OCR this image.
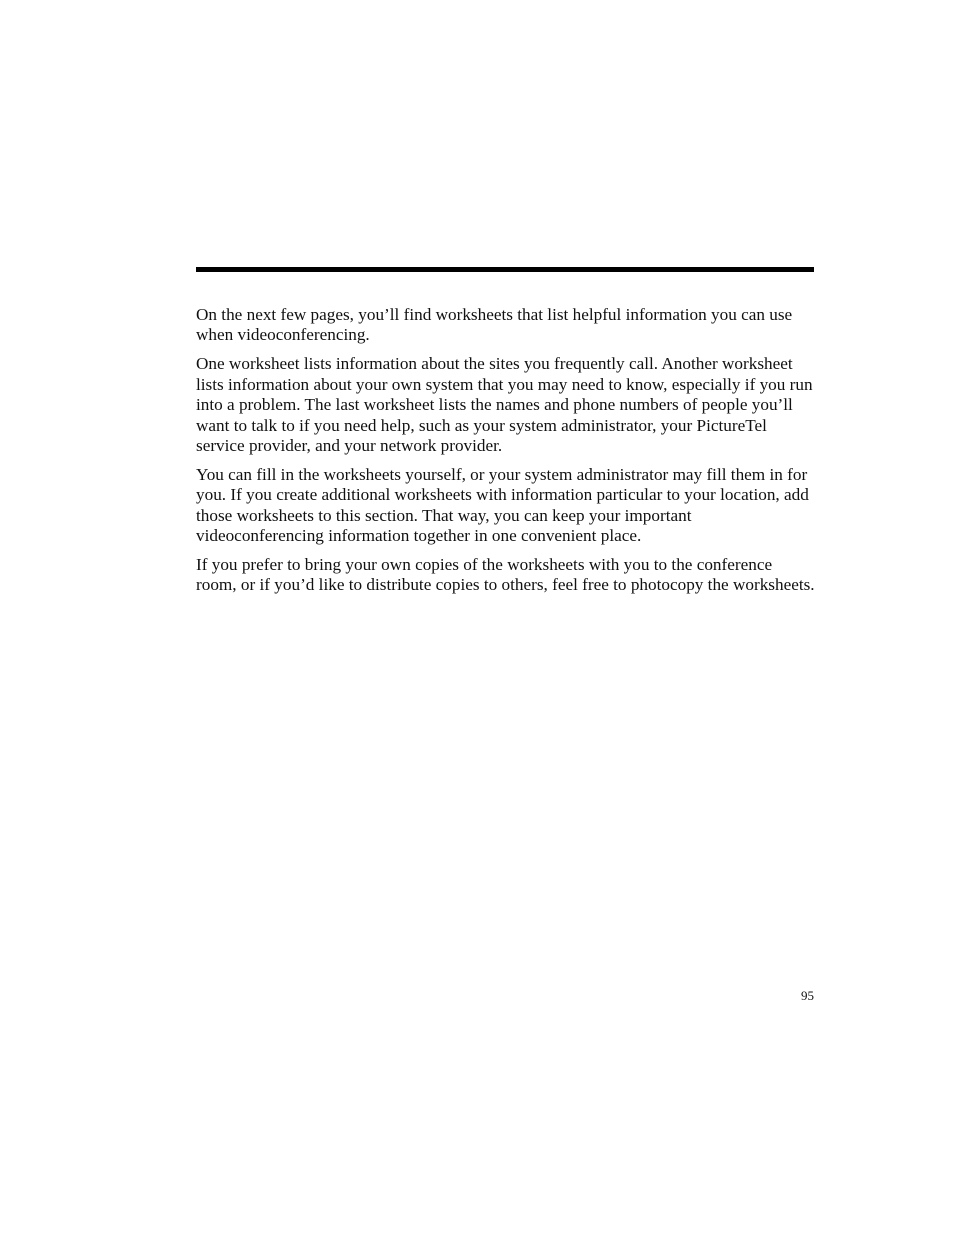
On the next few pages, you’ll find worksheets that list helpful information you can use when videoconferencing.

One worksheet lists information about the sites you frequently call. Another worksheet lists information about your own system that you may need to know, especially if you run into a problem. The last worksheet lists the names and phone numbers of people you’ll want to talk to if you need help, such as your system administrator, your PictureTel service provider, and your network provider.

You can fill in the worksheets yourself, or your system administrator may fill them in for you. If you create additional worksheets with information particular to your location, add those worksheets to this section. That way, you can keep your important videoconferencing information together in one convenient place.

If you prefer to bring your own copies of the worksheets with you to the conference room, or if you’d like to distribute copies to others, feel free to photocopy the worksheets.

95
